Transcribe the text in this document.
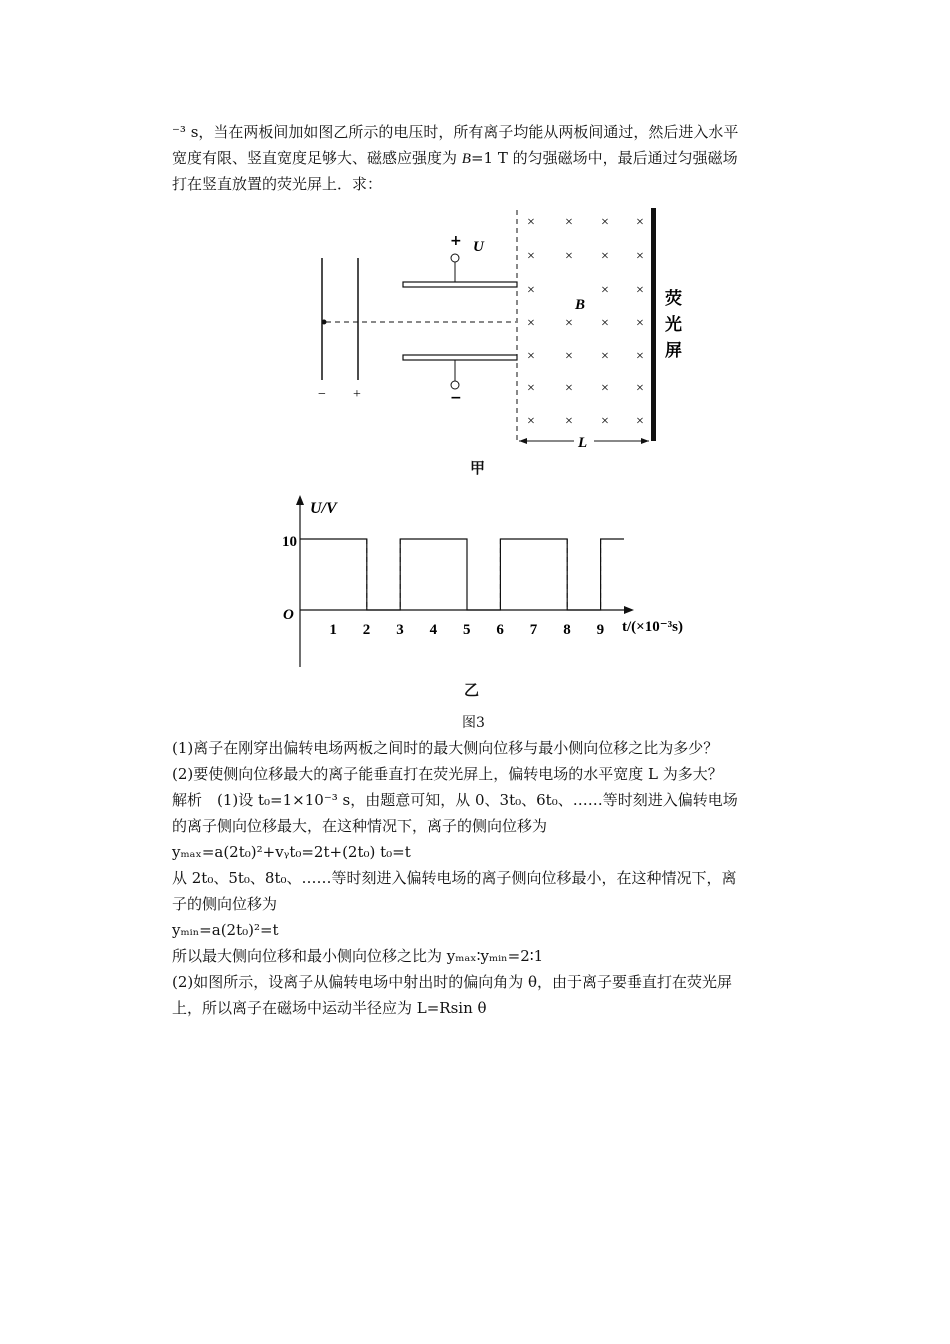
⁻³ s，当在两板间加如图乙所示的电压时，所有离子均能从两板间通过，然后进入水平
宽度有限、竖直宽度足够大、磁感应强度为 B=1 T 的匀强磁场中，最后通过匀强磁场
打在竖直放置的荧光屏上．求：
− +
+ U
−
荧
光
屏
L
B
× × × ×
× × × ×
×	× ×
× × × ×
× × × ×
× × × ×
× × × ×
甲
U/V
O
t/(×10⁻³s)
10
1 2 3 4 5 6 7 8 9
乙
图3
(1)离子在刚穿出偏转电场两板之间时的最大侧向位移与最小侧向位移之比为多少？
(2)要使侧向位移最大的离子能垂直打在荧光屏上，偏转电场的水平宽度 L 为多大？
解析　(1)设 t₀=1×10⁻³ s，由题意可知，从 0、3t₀、6t₀、……等时刻进入偏转电场
的离子侧向位移最大，在这种情况下，离子的侧向位移为
yₘₐₓ=a(2t₀)²+vᵧt₀=2t+(2t₀) t₀=t
从 2t₀、5t₀、8t₀、……等时刻进入偏转电场的离子侧向位移最小，在这种情况下，离
子的侧向位移为
yₘᵢₙ=a(2t₀)²=t
所以最大侧向位移和最小侧向位移之比为 yₘₐₓ∶yₘᵢₙ=2∶1
(2)如图所示，设离子从偏转电场中射出时的偏向角为 θ，由于离子要垂直打在荧光屏
上，所以离子在磁场中运动半径应为 L=Rsin θ
